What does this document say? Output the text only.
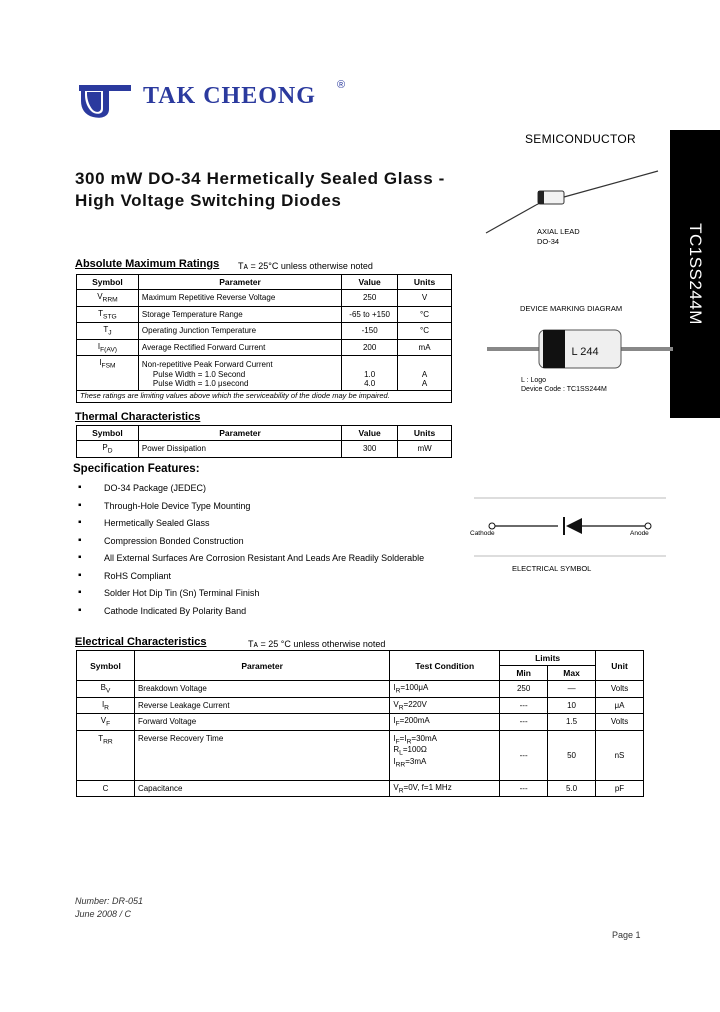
TC1SS244M
TAK CHEONG ®
SEMICONDUCTOR
300 mW DO-34 Hermetically Sealed Glass - High Voltage Switching Diodes
Absolute Maximum Ratings Tᴀ = 25°C unless otherwise noted
Symbol	Parameter	Value	Units
$V_{RRM}$	Maximum Repetitive Reverse Voltage	250	V
$T_{STG}$	Storage Temperature Range	-65 to +150	°C
$T_J$	Operating Junction Temperature	-150	°C
$I_{F(AV)}$	Average Rectified Forward Current	200	mA
$I_{FSM}$	Non-repetitive Peak Forward Current		
	Pulse Width = 1.0 Second	1.0	A
	Pulse Width = 1.0 μsecond	4.0	A
These ratings are limiting values above which the serviceability of the diode may be impaired.
Thermal Characteristics
Symbol	Parameter	Value	Units
$P_D$	Power Dissipation	300	mW
Specification Features:
▪ DO-34 Package (JEDEC)
▪ Through-Hole Device Type Mounting
▪ Hermetically Sealed Glass
▪ Compression Bonded Construction
▪ All External Surfaces Are Corrosion Resistant And Leads Are Readily Solderable
▪ RoHS Compliant
▪ Solder Hot Dip Tin (Sn) Terminal Finish
▪ Cathode Indicated By Polarity Band
AXIAL LEAD
DO-34
DEVICE MARKING DIAGRAM
L 244
L : Logo
Device Code : TC1SS244M
Cathode	Anode
ELECTRICAL SYMBOL
Electrical Characteristics	Tᴀ = 25 °C unless otherwise noted
Symbol	Parameter	Test Condition	Limits		Unit
			Min	Max	
$B_V$	Breakdown Voltage	$I_R=100\mu A$	250	—	Volts
$I_R$	Reverse Leakage Current	$V_R=220V$	---	10	μA
$V_F$	Forward Voltage	$I_F=200mA$	---	1.5	Volts
$T_{RR}$	Reverse Recovery Time	$I_F=I_R=30mA$
$R_L=100\Omega$
$I_{RR}=3mA$	---	50	nS
C	Capacitance	$V_R=0V$, f=1 MHz	---	5.0	pF
Number: DR-051
June 2008 / C
Page 1
